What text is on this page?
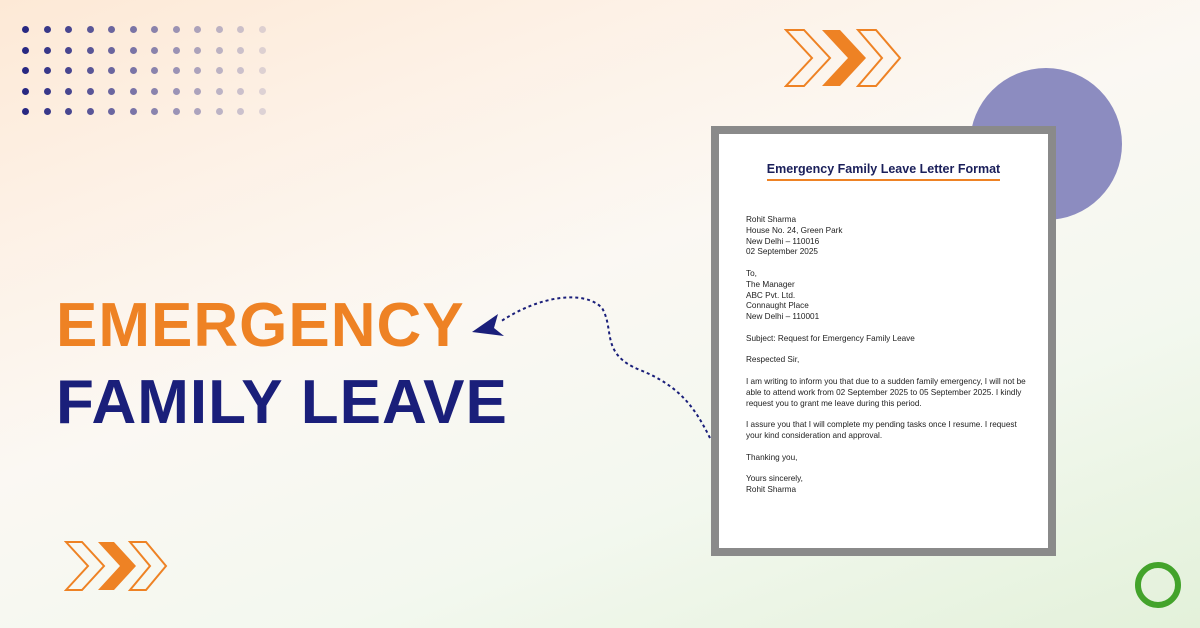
EMERGENCY
FAMILY LEAVE
Emergency Family Leave Letter Format

Rohit Sharma
House No. 24, Green Park
New Delhi – 110016
02 September 2025

To,
The Manager
ABC Pvt. Ltd.
Connaught Place
New Delhi – 110001

Subject: Request for Emergency Family Leave

Respected Sir,

I am writing to inform you that due to a sudden family emergency, I will not be able to attend work from 02 September 2025 to 05 September 2025. I kindly request you to grant me leave during this period.

I assure you that I will complete my pending tasks once I resume. I request your kind consideration and approval.

Thanking you,

Yours sincerely,
Rohit Sharma
